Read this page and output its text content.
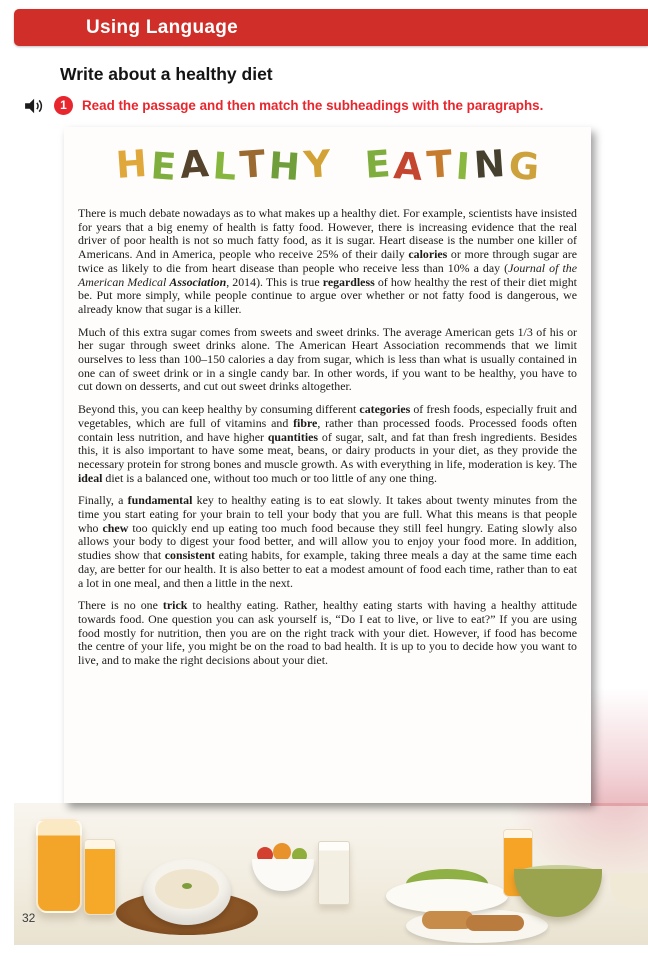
Using Language
Write about a healthy diet
1	Read the passage and then match the subheadings with the paragraphs.
HEALTHY EATING

There is much debate nowadays as to what makes up a healthy diet. For example, scientists have insisted for years that a big enemy of health is fatty food. However, there is increasing evidence that the real driver of poor health is not so much fatty food, as it is sugar. Heart disease is the number one killer of Americans. And in America, people who receive 25% of their daily calories or more through sugar are twice as likely to die from heart disease than people who receive less than 10% a day (Journal of the American Medical Association, 2014). This is true regardless of how healthy the rest of their diet might be. Put more simply, while people continue to argue over whether or not fatty food is dangerous, we already know that sugar is a killer.

Much of this extra sugar comes from sweets and sweet drinks. The average American gets 1/3 of his or her sugar through sweet drinks alone. The American Heart Association recommends that we limit ourselves to less than 100–150 calories a day from sugar, which is less than what is usually contained in one can of sweet drink or in a single candy bar. In other words, if you want to be healthy, you have to cut down on desserts, and cut out sweet drinks altogether.

Beyond this, you can keep healthy by consuming different categories of fresh foods, especially fruit and vegetables, which are full of vitamins and fibre, rather than processed foods. Processed foods often contain less nutrition, and have higher quantities of sugar, salt, and fat than fresh ingredients. Besides this, it is also important to have some meat, beans, or dairy products in your diet, as they provide the necessary protein for strong bones and muscle growth. As with everything in life, moderation is key. The ideal diet is a balanced one, without too much or too little of any one thing.

Finally, a fundamental key to healthy eating is to eat slowly. It takes about twenty minutes from the time you start eating for your brain to tell your body that you are full. What this means is that people who chew too quickly end up eating too much food because they still feel hungry. Eating slowly also allows your body to digest your food better, and will allow you to enjoy your food more. In addition, studies show that consistent eating habits, for example, taking three meals a day at the same time each day, are better for our health. It is also better to eat a modest amount of food each time, rather than to eat a lot in one meal, and then a little in the next.

There is no one trick to healthy eating. Rather, healthy eating starts with having a healthy attitude towards food. One question you can ask yourself is, “Do I eat to live, or live to eat?” If you are using food mostly for nutrition, then you are on the right track with your diet. However, if food has become the centre of your life, you might be on the road to bad health. It is up to you to decide how you want to live, and to make the right decisions about your diet.

32
